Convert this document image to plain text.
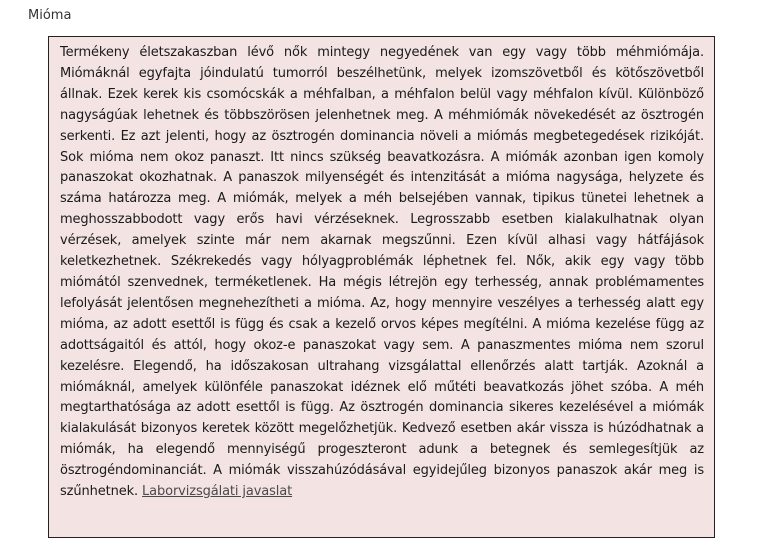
Mióma

Termékeny életszakaszban lévő nők mintegy negyedének van egy vagy több méhmiómája. Miómáknál egyfajta jóindulatú tumorról beszélhetünk, melyek izomszövetből és kötőszövetből állnak. Ezek kerek kis csomócskák a méhfalban, a méhfalon belül vagy méhfalon kívül. Különböző nagyságúak lehetnek és többszörösen jelenhetnek meg. A méhmiómák növekedését az ösztrogén serkenti. Ez azt jelenti, hogy az ösztrogén dominancia növeli a miómás megbetegedések rizikóját. Sok mióma nem okoz panaszt. Itt nincs szükség beavatkozásra. A miómák azonban igen komoly panaszokat okozhatnak. A panaszok milyenségét és intenzitását a mióma nagysága, helyzete és száma határozza meg. A miómák, melyek a méh belsejében vannak, tipikus tünetei lehetnek a meghosszabbodott vagy erős havi vérzéseknek. Legrosszabb esetben kialakulhatnak olyan vérzések, amelyek szinte már nem akarnak megszűnni. Ezen kívül alhasi vagy hátfájások keletkezhetnek. Székrekedés vagy hólyagproblémák léphetnek fel. Nők, akik egy vagy több miómától szenvednek, terméketlenek. Ha mégis létrejön egy terhesség, annak problémamentes lefolyását jelentősen megnehezítheti a mióma. Az, hogy mennyire veszélyes a terhesség alatt egy mióma, az adott esettől is függ és csak a kezelő orvos képes megítélni. A mióma kezelése függ az adottságaitól és attól, hogy okoz-e panaszokat vagy sem. A panaszmentes mióma nem szorul kezelésre. Elegendő, ha időszakosan ultrahang vizsgálattal ellenőrzés alatt tartják. Azoknál a miómáknál, amelyek különféle panaszokat idéznek elő műtéti beavatkozás jöhet szóba. A méh megtarthatósága az adott esettől is függ. Az ösztrogén dominancia sikeres kezelésével a miómák kialakulását bizonyos keretek között megelőzhetjük. Kedvező esetben akár vissza is húzódhatnak a miómák, ha elegendő mennyiségű progeszteront adunk a betegnek és semlegesítjük az ösztrogéndominanciát. A miómák visszahúzódásával egyidejűleg bizonyos panaszok akár meg is szűnhetnek. Laborvizsgálati javaslat
